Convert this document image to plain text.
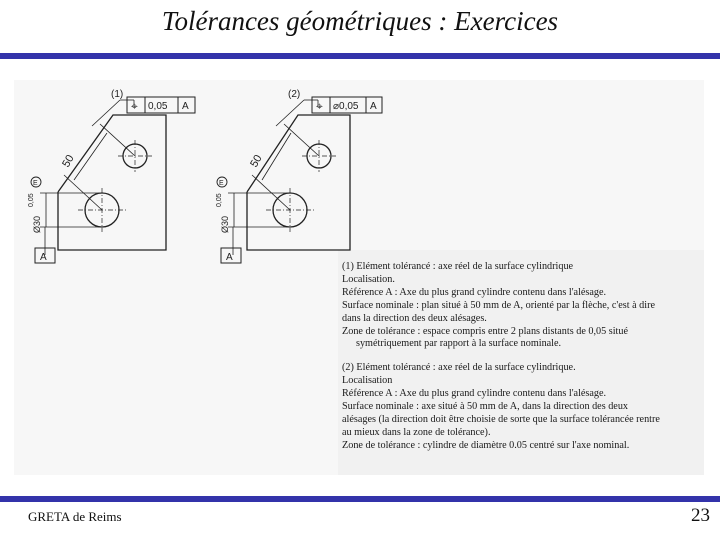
Tolérances géométriques : Exercices
(1)
⌖ 0,05 A
50
Ø30
0,05
E
A
(2)
⌖ ⌀0,05 A
50
Ø30
0,05
E
A

(1) Elément toléranсé : axe réel de la surface cylindrique

Localisation.

Référence A : Axe du plus grand cylindre contenu dans l'alésage.

Surface nominale : plan situé à 50 mm de A, orienté par la flèche, c'est à dire

dans la direction des deux alésages.

Zone de tolérance : espace compris entre 2 plans distants de 0,05 situé

symétriquement par rapport à la surface nominale.

(2) Elément toléranсé : axe réel de la surface cylindrique.

Localisation

Référence A : Axe du plus grand cylindre contenu dans l'alésage.

Surface nominale : axe situé à 50 mm de A, dans la direction des deux

alésages (la direction doit être choisie de sorte que la surface tolérancée rentre

au mieux dans la zone de tolérance).

Zone de tolérance : cylindre de diamètre 0.05 centré sur l'axe nominal.

GRETA de Reims	23
